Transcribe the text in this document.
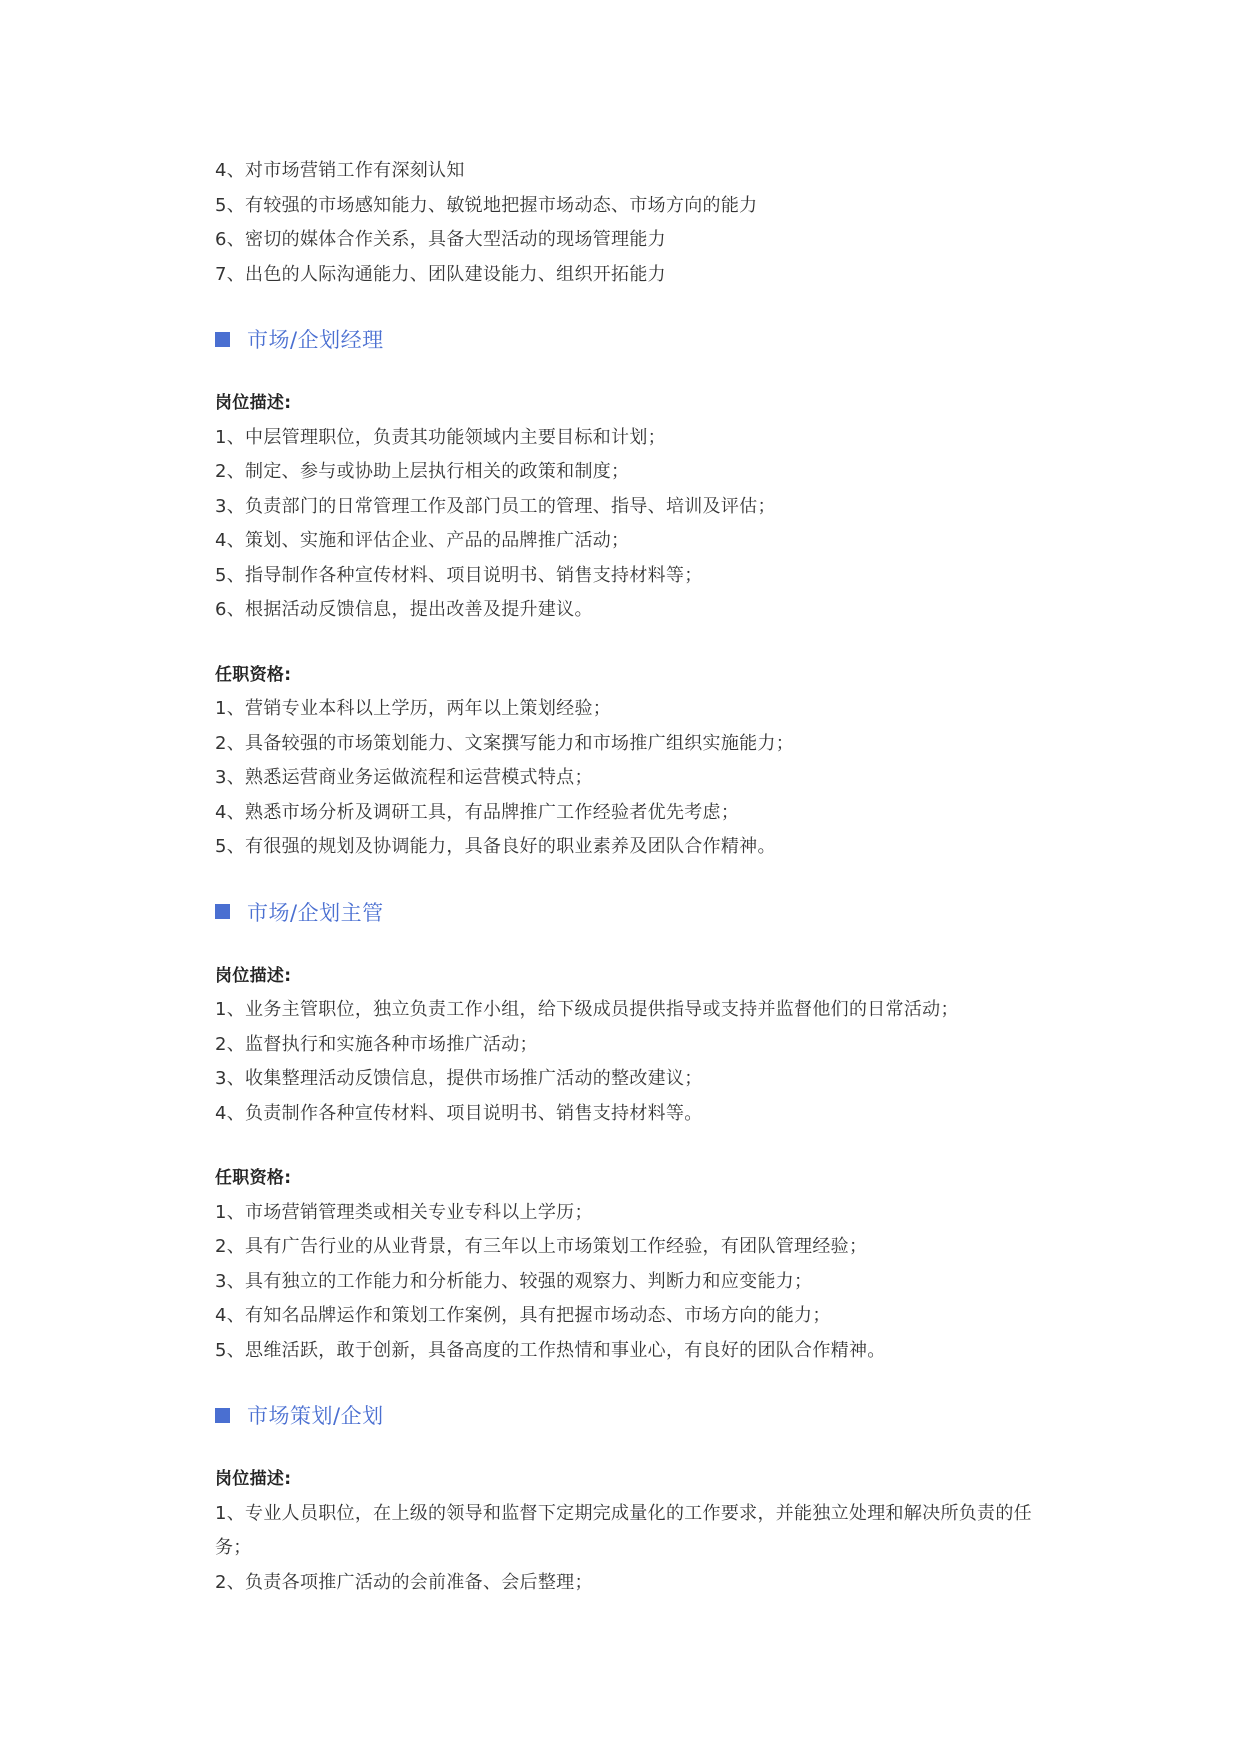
4、对市场营销工作有深刻认知
5、有较强的市场感知能力、敏锐地把握市场动态、市场方向的能力
6、密切的媒体合作关系，具备大型活动的现场管理能力
7、出色的人际沟通能力、团队建设能力、组织开拓能力
市场/企划经理
岗位描述:
1、中层管理职位，负责其功能领域内主要目标和计划；
2、制定、参与或协助上层执行相关的政策和制度；
3、负责部门的日常管理工作及部门员工的管理、指导、培训及评估；
4、策划、实施和评估企业、产品的品牌推广活动；
5、指导制作各种宣传材料、项目说明书、销售支持材料等；
6、根据活动反馈信息，提出改善及提升建议。
任职资格:
1、营销专业本科以上学历，两年以上策划经验；
2、具备较强的市场策划能力、文案撰写能力和市场推广组织实施能力；
3、熟悉运营商业务运做流程和运营模式特点；
4、熟悉市场分析及调研工具，有品牌推广工作经验者优先考虑；
5、有很强的规划及协调能力，具备良好的职业素养及团队合作精神。
市场/企划主管
岗位描述:
1、业务主管职位，独立负责工作小组，给下级成员提供指导或支持并监督他们的日常活动；
2、监督执行和实施各种市场推广活动；
3、收集整理活动反馈信息，提供市场推广活动的整改建议；
4、负责制作各种宣传材料、项目说明书、销售支持材料等。
任职资格:
1、市场营销管理类或相关专业专科以上学历；
2、具有广告行业的从业背景，有三年以上市场策划工作经验，有团队管理经验；
3、具有独立的工作能力和分析能力、较强的观察力、判断力和应变能力；
4、有知名品牌运作和策划工作案例，具有把握市场动态、市场方向的能力；
5、思维活跃，敢于创新，具备高度的工作热情和事业心，有良好的团队合作精神。
市场策划/企划
岗位描述:
1、专业人员职位，在上级的领导和监督下定期完成量化的工作要求，并能独立处理和解决所负责的任务；
2、负责各项推广活动的会前准备、会后整理；
